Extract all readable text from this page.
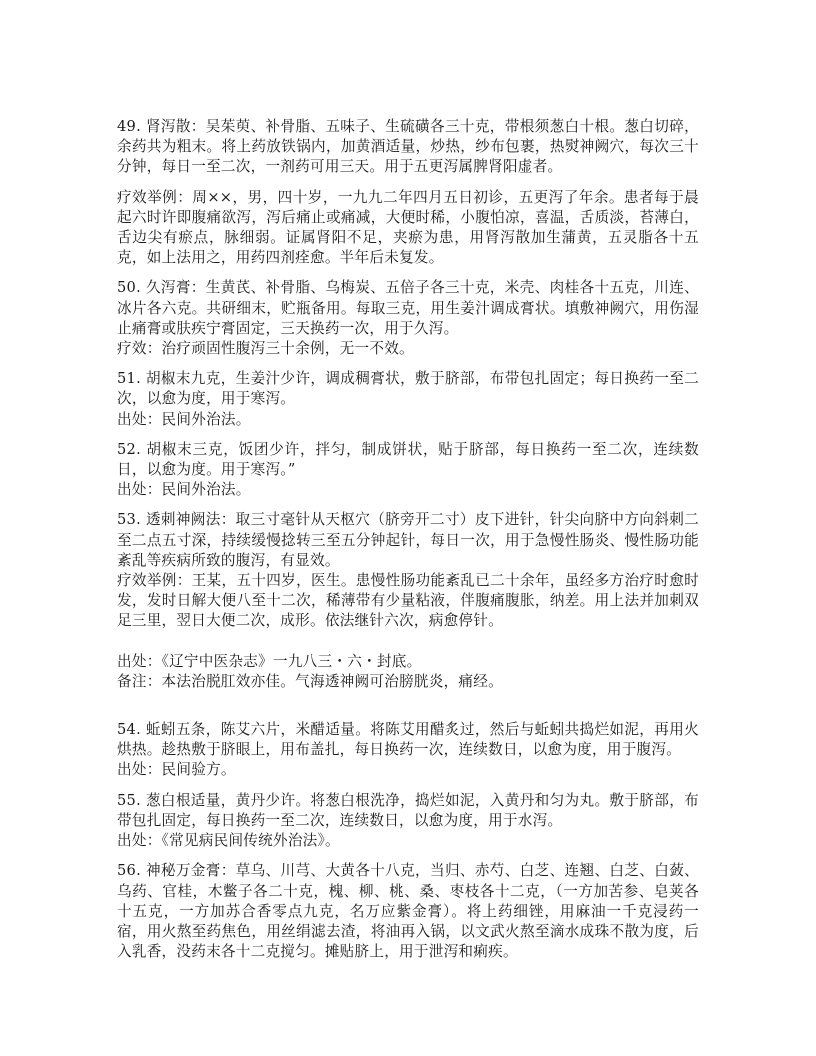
49. 肾泻散：吴茱萸、补骨脂、五味子、生硫磺各三十克，带根须葱白十根。葱白切碎，余药共为粗末。将上药放铁锅内，加黄酒适量，炒热，纱布包裹，热熨神阙穴，每次三十分钟，每日一至二次，一剂药可用三天。用于五更泻属脾肾阳虚者。

疗效举例：周××，男，四十岁，一九九二年四月五日初诊，五更泻了年余。患者每于晨起六时许即腹痛欲泻，泻后痛止或痛减，大便时稀，小腹怕凉，喜温，舌质淡，苔薄白，舌边尖有瘀点，脉细弱。证属肾阳不足，夹瘀为患，用肾泻散加生蒲黄，五灵脂各十五克，如上法用之，用药四剂痊愈。半年后未复发。

50. 久泻膏：生黄芪、补骨脂、乌梅炭、五倍子各三十克，米壳、肉桂各十五克，川连、冰片各六克。共研细末，贮瓶备用。每取三克，用生姜汁调成膏状。填敷神阙穴，用伤湿止痛膏或肤疾宁膏固定，三天换药一次，用于久泻。
疗效：治疗顽固性腹泻三十余例，无一不效。

51. 胡椒末九克，生姜汁少许，调成稠膏状，敷于脐部，布带包扎固定；每日换药一至二次，以愈为度，用于寒泻。
出处：民间外治法。

52. 胡椒末三克，饭团少许，拌匀，制成饼状，贴于脐部，每日换药一至二次，连续数日，以愈为度。用于寒泻。”
出处：民间外治法。

53. 透刺神阙法：取三寸毫针从天枢穴（脐旁开二寸）皮下进针，针尖向脐中方向斜刺二至二点五寸深，持续缓慢捻转三至五分钟起针，每日一次，用于急慢性肠炎、慢性肠功能紊乱等疾病所致的腹泻，有显效。
疗效举例：王某，五十四岁，医生。患慢性肠功能紊乱已二十余年，虽经多方治疗时愈时发，发时日解大便八至十二次，稀薄带有少量粘液，伴腹痛腹胀，纳差。用上法并加刺双足三里，翌日大便二次，成形。依法继针六次，病愈停针。

出处：《辽宁中医杂志》一九八三・六・封底。
备注：本法治脱肛效亦佳。气海透神阙可治膀胱炎，痛经。

54. 蚯蚓五条，陈艾六片，米醋适量。将陈艾用醋炙过，然后与蚯蚓共捣烂如泥，再用火烘热。趁热敷于脐眼上，用布盖扎，每日换药一次，连续数日，以愈为度，用于腹泻。
出处：民间验方。

55. 葱白根适量，黄丹少许。将葱白根洗净，捣烂如泥，入黄丹和匀为丸。敷于脐部，布带包扎固定，每日换药一至二次，连续数日，以愈为度，用于水泻。
出处：《常见病民间传统外治法》。

56. 神秘万金膏：草乌、川芎、大黄各十八克，当归、赤芍、白芝、连翘、白芝、白蔹、乌药、官桂，木鳖子各二十克，槐、柳、桃、桑、枣枝各十二克，（一方加苦参、皂荚各十五克，一方加苏合香零点九克，名万应紫金膏）。将上药细锉，用麻油一千克浸药一宿，用火熬至药焦色，用丝绢滤去渣，将油再入锅，以文武火熬至滴水成珠不散为度，后入乳香，没药末各十二克搅匀。摊贴脐上，用于泄泻和痢疾。
